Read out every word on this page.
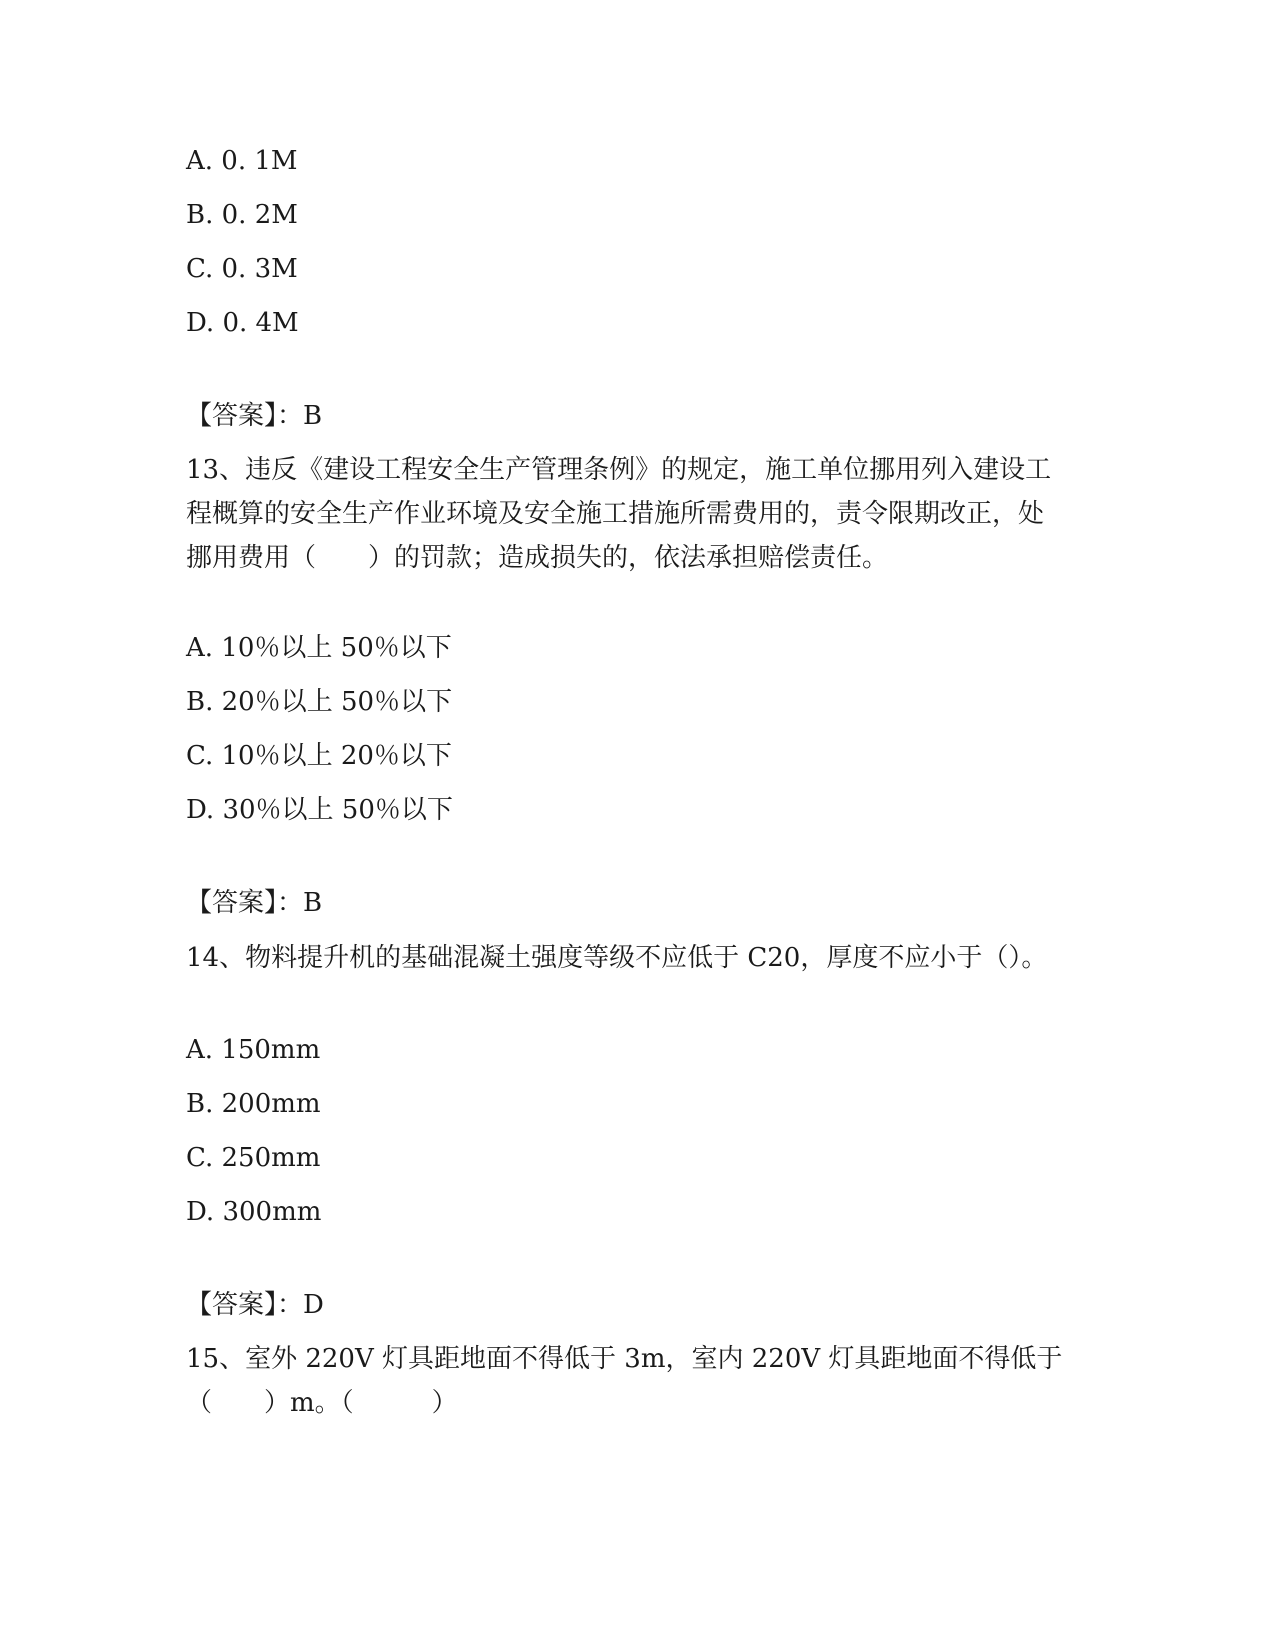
A. 0. 1M
B. 0. 2M
C. 0. 3M
D. 0. 4M
【答案】：B
13、违反《建设工程安全生产管理条例》的规定，施工单位挪用列入建设工程概算的安全生产作业环境及安全施工措施所需费用的，责令限期改正，处挪用费用（　　）的罚款；造成损失的，依法承担赔偿责任。
A. 10％以上 50％以下
B. 20％以上 50％以下
C. 10％以上 20％以下
D. 30％以上 50％以下
【答案】：B
14、物料提升机的基础混凝土强度等级不应低于 C20，厚度不应小于（）。
A. 150mm
B. 200mm
C. 250mm
D. 300mm
【答案】：D
15、室外 220V 灯具距地面不得低于 3m，室内 220V 灯具距地面不得低于（　　）m。（　　　）
